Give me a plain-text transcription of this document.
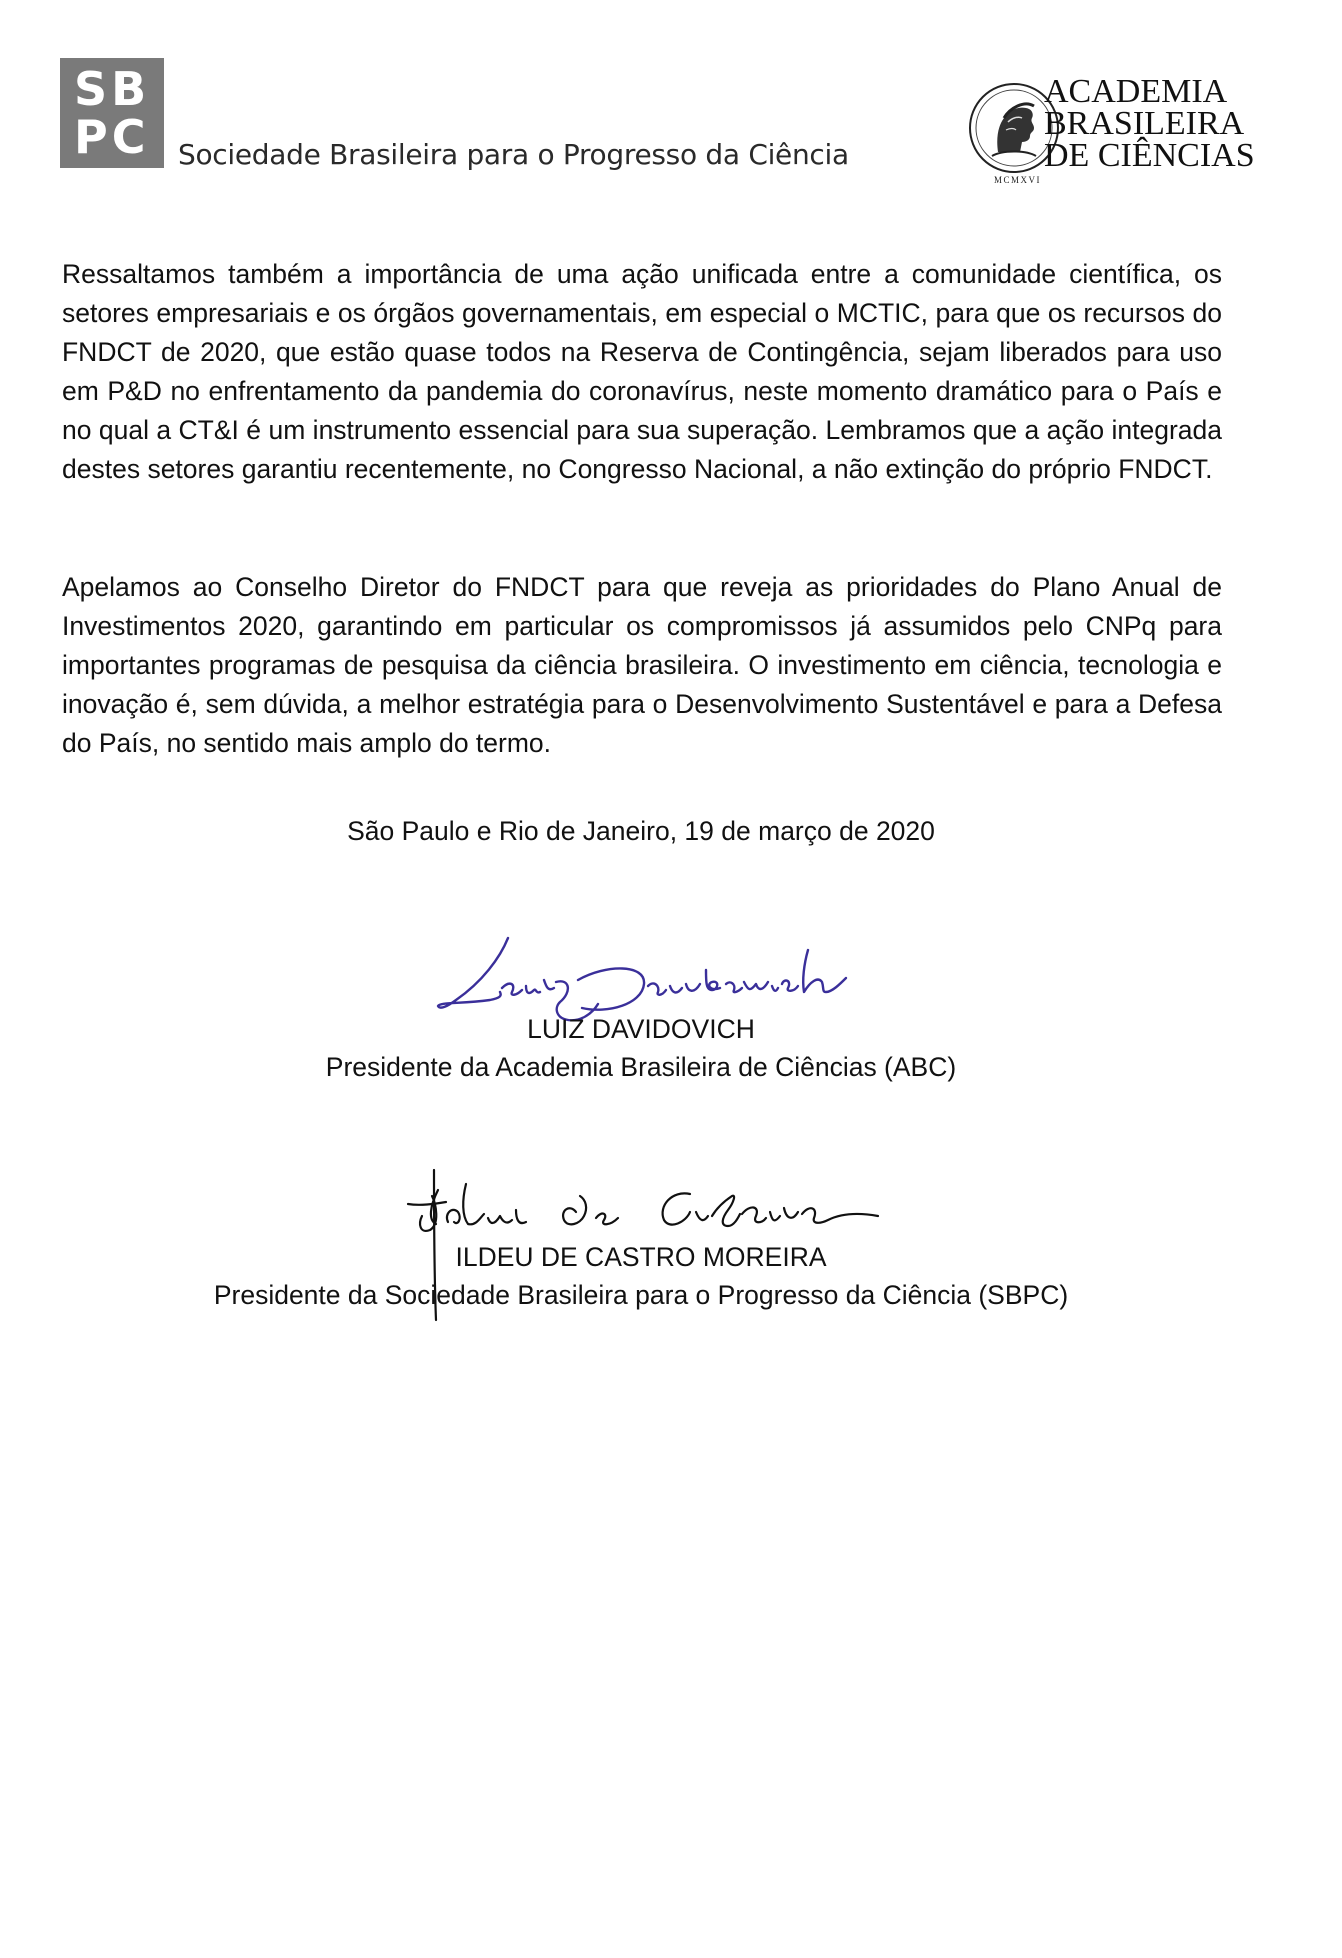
SB
PC Sociedade Brasileira para o Progresso da Ciência
ACADEMIA
BRASILEIRA
DE CIÊNCIAS
MCMXVI

Ressaltamos também a importância de uma ação unificada entre a comunidade científica, os setores empresariais e os órgãos governamentais, em especial o MCTIC, para que os recursos do FNDCT de 2020, que estão quase todos na Reserva de Contingência, sejam liberados para uso em P&D no enfrentamento da pandemia do coronavírus, neste momento dramático para o País e no qual a CT&I é um instrumento essencial para sua superação. Lembramos que a ação integrada destes setores garantiu recentemente, no Congresso Nacional, a não extinção do próprio FNDCT.

Apelamos ao Conselho Diretor do FNDCT para que reveja as prioridades do Plano Anual de Investimentos 2020, garantindo em particular os compromissos já assumidos pelo CNPq para importantes programas de pesquisa da ciência brasileira. O investimento em ciência, tecnologia e inovação é, sem dúvida, a melhor estratégia para o Desenvolvimento Sustentável e para a Defesa do País, no sentido mais amplo do termo.

São Paulo e Rio de Janeiro, 19 de março de 2020
LUIZ DAVIDOVICH
Presidente da Academia Brasileira de Ciências (ABC)
ILDEU DE CASTRO MOREIRA
Presidente da Sociedade Brasileira para o Progresso da Ciência (SBPC)
